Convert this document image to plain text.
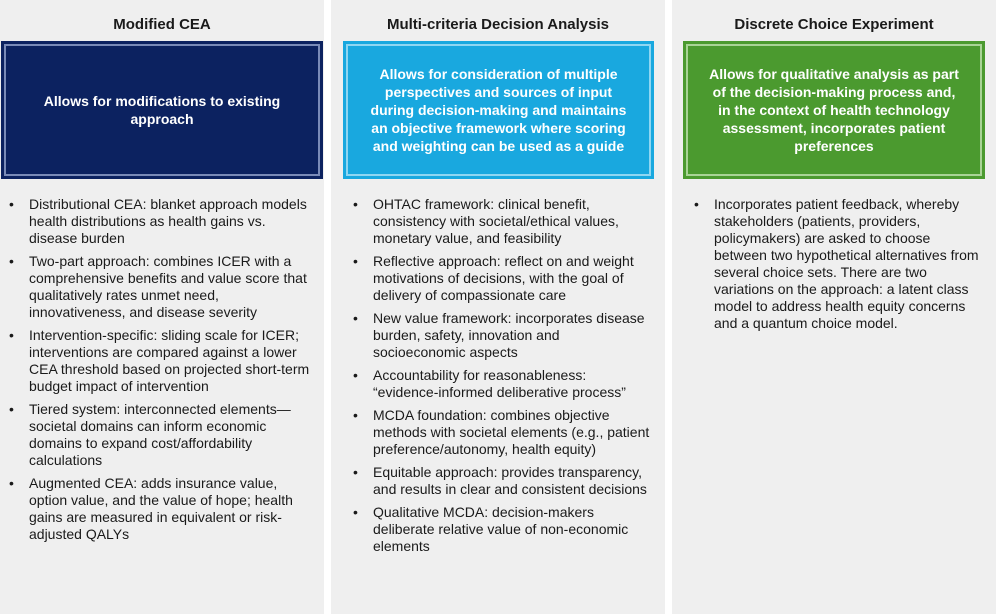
Modified CEA
Allows for modifications to existing approach
• Distributional CEA: blanket approach models health distributions as health gains vs. disease burden
• Two-part approach: combines ICER with a comprehensive benefits and value score that qualitatively rates unmet need, innovativeness, and disease severity
• Intervention-specific: sliding scale for ICER; interventions are compared against a lower CEA threshold based on projected short-term budget impact of intervention
• Tiered system: interconnected elements—societal domains can inform economic domains to expand cost/affordability calculations
• Augmented CEA: adds insurance value, option value, and the value of hope; health gains are measured in equivalent or risk-adjusted QALYs
Multi-criteria Decision Analysis
Allows for consideration of multiple perspectives and sources of input during decision-making and maintains an objective framework where scoring and weighting can be used as a guide
• OHTAC framework: clinical benefit, consistency with societal/ethical values, monetary value, and feasibility
• Reflective approach: reflect on and weight motivations of decisions, with the goal of delivery of compassionate care
• New value framework: incorporates disease burden, safety, innovation and socioeconomic aspects
• Accountability for reasonableness: “evidence-informed deliberative process”
• MCDA foundation: combines objective methods with societal elements (e.g., patient preference/autonomy, health equity)
• Equitable approach: provides transparency, and results in clear and consistent decisions
• Qualitative MCDA: decision-makers deliberate relative value of non-economic elements
Discrete Choice Experiment
Allows for qualitative analysis as part of the decision-making process and, in the context of health technology assessment, incorporates patient preferences
• Incorporates patient feedback, whereby stakeholders (patients, providers, policymakers) are asked to choose between two hypothetical alternatives from several choice sets. There are two variations on the approach: a latent class model to address health equity concerns and a quantum choice model.
